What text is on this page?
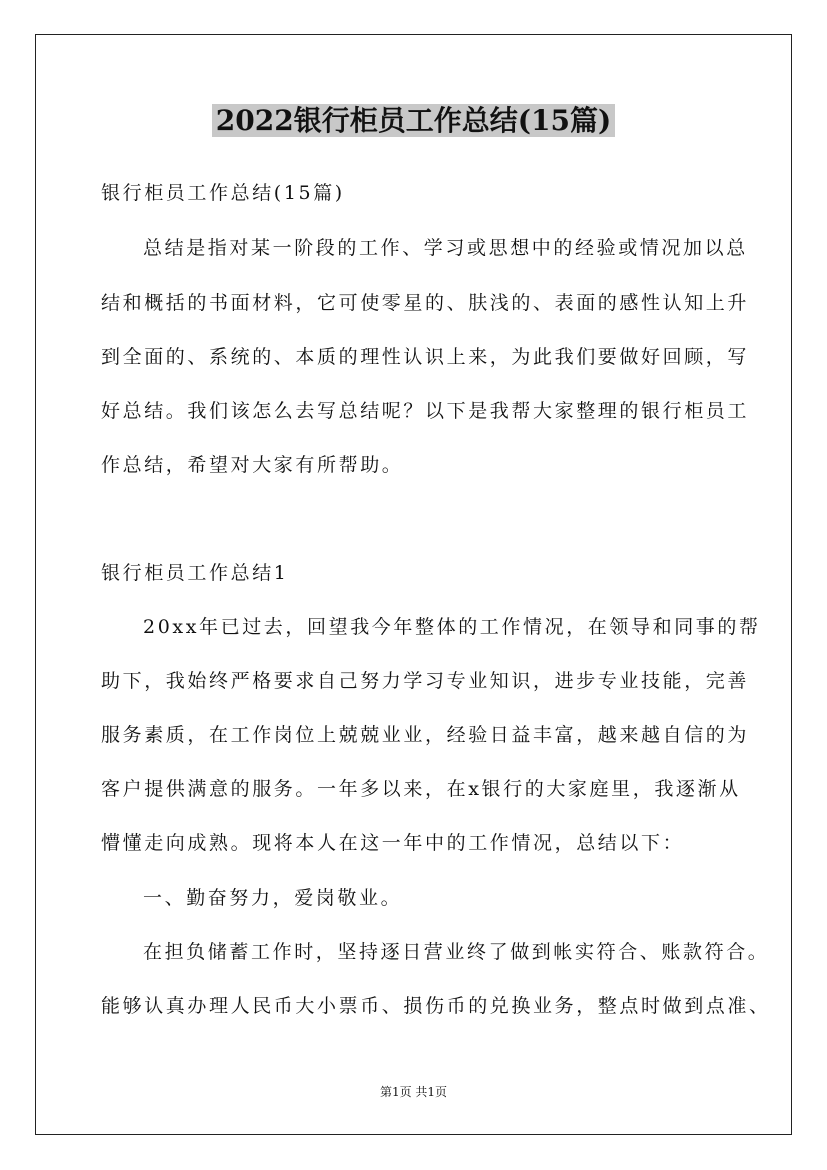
2022银行柜员工作总结(15篇)
银行柜员工作总结(15篇)
总结是指对某一阶段的工作、学习或思想中的经验或情况加以总
结和概括的书面材料，它可使零星的、肤浅的、表面的感性认知上升
到全面的、系统的、本质的理性认识上来，为此我们要做好回顾，写
好总结。我们该怎么去写总结呢？以下是我帮大家整理的银行柜员工
作总结，希望对大家有所帮助。
银行柜员工作总结1
20xx年已过去，回望我今年整体的工作情况，在领导和同事的帮
助下，我始终严格要求自己努力学习专业知识，进步专业技能，完善
服务素质，在工作岗位上兢兢业业，经验日益丰富，越来越自信的为
客户提供满意的服务。一年多以来，在x银行的大家庭里，我逐渐从
懵懂走向成熟。现将本人在这一年中的工作情况，总结以下：
一、勤奋努力，爱岗敬业。
在担负储蓄工作时，坚持逐日营业终了做到帐实符合、账款符合。
能够认真办理人民币大小票币、损伤币的兑换业务，整点时做到点准、
第1页 共1页
